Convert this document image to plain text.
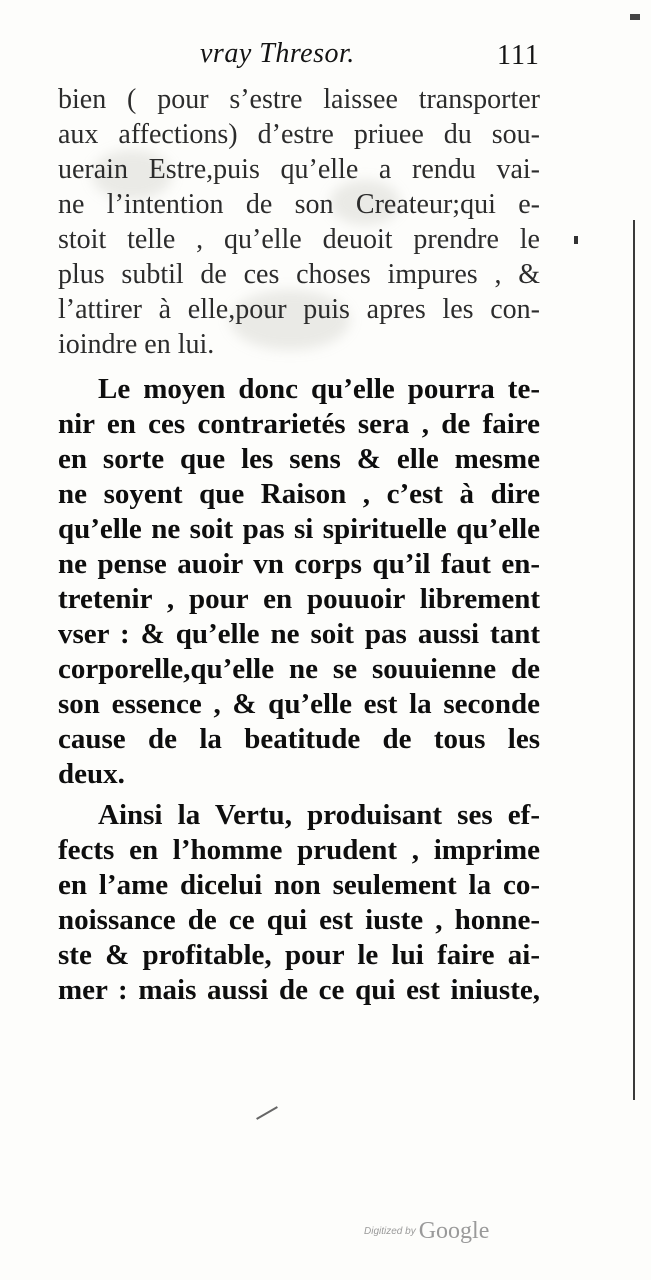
vray Thresor.	111
bien ( pour s’estre laissee transporter
aux affections) d’estre priuee du sou-
uerain Estre,puis qu’elle a rendu vai-
ne l’intention de son Createur;qui e-
stoit telle , qu’elle deuoit prendre le
plus subtil de ces choses impures , &
l’attirer à elle,pour puis apres les con-
ioindre en lui.
Le moyen donc qu’elle pourra te-
nir en ces contrarietés sera , de faire
en sorte que les sens & elle mesme
ne soyent que Raison , c’est à dire
qu’elle ne soit pas si spirituelle qu’elle
ne pense auoir vn corps qu’il faut en-
tretenir , pour en pouuoir librement
vser : & qu’elle ne soit pas aussi tant
corporelle,qu’elle ne se souuienne de
son essence , & qu’elle est la seconde
cause de la beatitude de tous les
deux.
Ainsi la Vertu, produisant ses ef-
fects en l’homme prudent , imprime
en l’ame dicelui non seulement la co-
noissance de ce qui est iuste , honne-
ste & profitable, pour le lui faire ai-
mer : mais aussi de ce qui est iniuste,
Digitized by Google
